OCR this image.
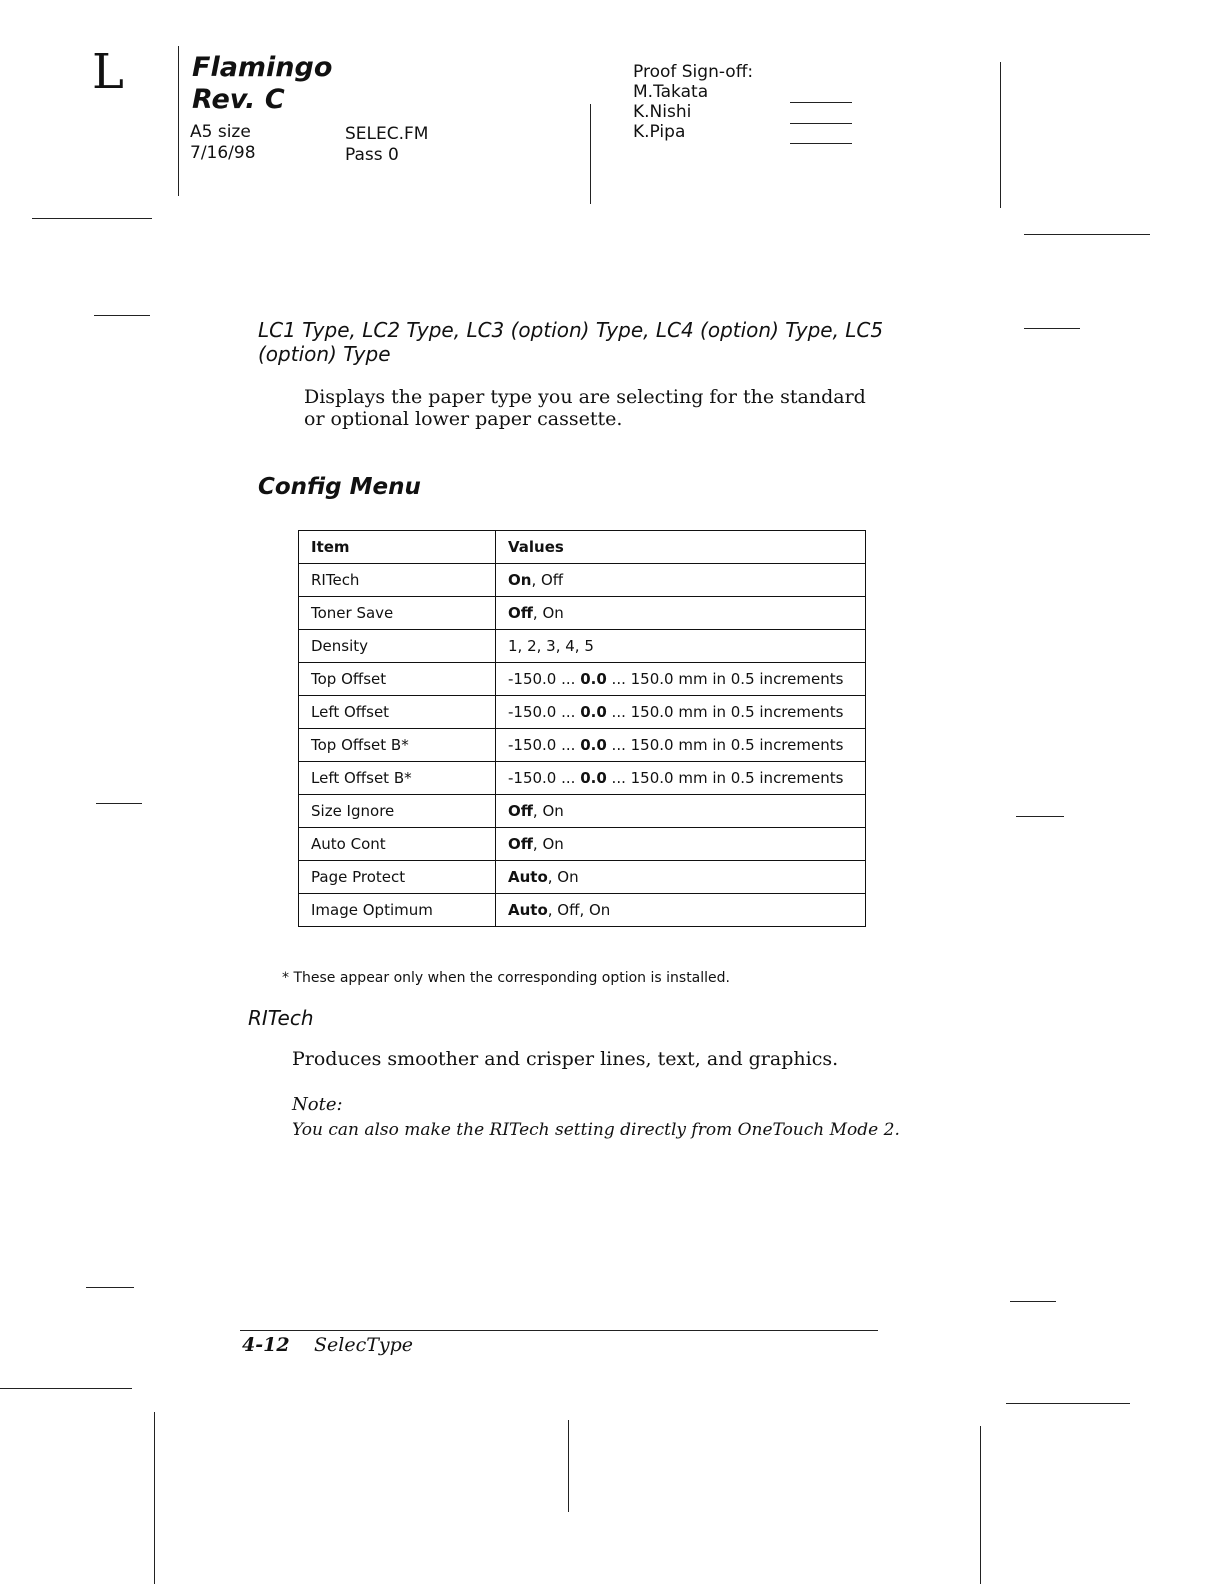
L	Flamingo
Rev. C
A5 size
7/16/98
SELEC.FM
Pass 0
Proof Sign-off:
M.Takata
K.Nishi
K.Pipa
LC1 Type, LC2 Type, LC3 (option) Type, LC4 (option) Type, LC5 (option) Type
Displays the paper type you are selecting for the standard or optional lower paper cassette.
Config Menu
Item	Values
RITech	On, Off
Toner Save	Off, On
Density	1, 2, 3, 4, 5
Top Offset	-150.0 ... 0.0 ... 150.0 mm in 0.5 increments
Left Offset	-150.0 ... 0.0 ... 150.0 mm in 0.5 increments
Top Offset B*	-150.0 ... 0.0 ... 150.0 mm in 0.5 increments
Left Offset B*	-150.0 ... 0.0 ... 150.0 mm in 0.5 increments
Size Ignore	Off, On
Auto Cont	Off, On
Page Protect	Auto, On
Image Optimum	Auto, Off, On
* These appear only when the corresponding option is installed.
RITech
Produces smoother and crisper lines, text, and graphics.
Note:
You can also make the RITech setting directly from OneTouch Mode 2.
4-12 SelecType
